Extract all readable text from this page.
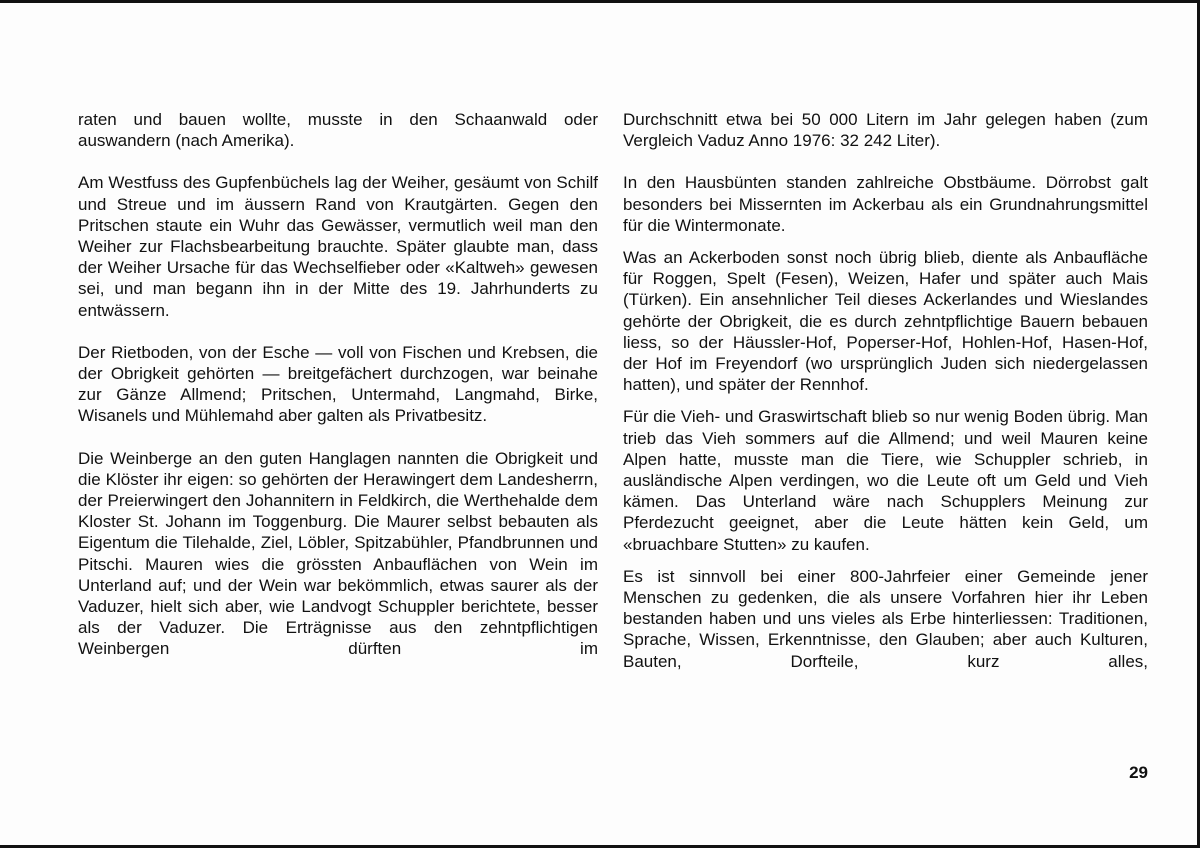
raten und bauen wollte, musste in den Schaanwald oder auswandern (nach Amerika).

Am Westfuss des Gupfenbüchels lag der Weiher, gesäumt von Schilf und Streue und im äussern Rand von Krautgärten. Gegen den Pritschen staute ein Wuhr das Gewässer, vermutlich weil man den Weiher zur Flachsbearbeitung brauchte. Später glaubte man, dass der Weiher Ursache für das Wechselfieber oder «Kaltweh» gewesen sei, und man begann ihn in der Mitte des 19. Jahrhunderts zu entwässern.

Der Rietboden, von der Esche — voll von Fischen und Krebsen, die der Obrigkeit gehörten — breitgefächert durchzogen, war beinahe zur Gänze Allmend; Pritschen, Untermahd, Langmahd, Birke, Wisanels und Mühlemahd aber galten als Privatbesitz.

Die Weinberge an den guten Hanglagen nannten die Obrigkeit und die Klöster ihr eigen: so gehörten der Herawingert dem Landesherrn, der Preierwingert den Johannitern in Feldkirch, die Werthehalde dem Kloster St. Johann im Toggenburg. Die Maurer selbst bebauten als Eigentum die Tilehalde, Ziel, Löbler, Spitzabühler, Pfandbrunnen und Pitschi. Mauren wies die grössten Anbauflächen von Wein im Unterland auf; und der Wein war bekömmlich, etwas saurer als der Vaduzer, hielt sich aber, wie Landvogt Schuppler berichtete, besser als der Vaduzer. Die Erträgnisse aus den zehntpflichtigen Weinbergen dürften im

Durchschnitt etwa bei 50 000 Litern im Jahr gelegen haben (zum Vergleich Vaduz Anno 1976: 32 242 Liter).

In den Hausbünten standen zahlreiche Obstbäume. Dörrobst galt besonders bei Missernten im Ackerbau als ein Grundnahrungsmittel für die Wintermonate.

Was an Ackerboden sonst noch übrig blieb, diente als Anbaufläche für Roggen, Spelt (Fesen), Weizen, Hafer und später auch Mais (Türken). Ein ansehnlicher Teil dieses Ackerlandes und Wieslandes gehörte der Obrigkeit, die es durch zehntpflichtige Bauern bebauen liess, so der Häussler-Hof, Poperser-Hof, Hohlen-Hof, Hasen-Hof, der Hof im Freyendorf (wo ursprünglich Juden sich niedergelassen hatten), und später der Rennhof.

Für die Vieh- und Graswirtschaft blieb so nur wenig Boden übrig. Man trieb das Vieh sommers auf die Allmend; und weil Mauren keine Alpen hatte, musste man die Tiere, wie Schuppler schrieb, in ausländische Alpen verdingen, wo die Leute oft um Geld und Vieh kämen. Das Unterland wäre nach Schupplers Meinung zur Pferdezucht geeignet, aber die Leute hätten kein Geld, um «bruachbare Stutten» zu kaufen.

Es ist sinnvoll bei einer 800-Jahrfeier einer Gemeinde jener Menschen zu gedenken, die als unsere Vorfahren hier ihr Leben bestanden haben und uns vieles als Erbe hinterliessen: Traditionen, Sprache, Wissen, Erkenntnisse, den Glauben; aber auch Kulturen, Bauten, Dorfteile, kurz alles,

29
